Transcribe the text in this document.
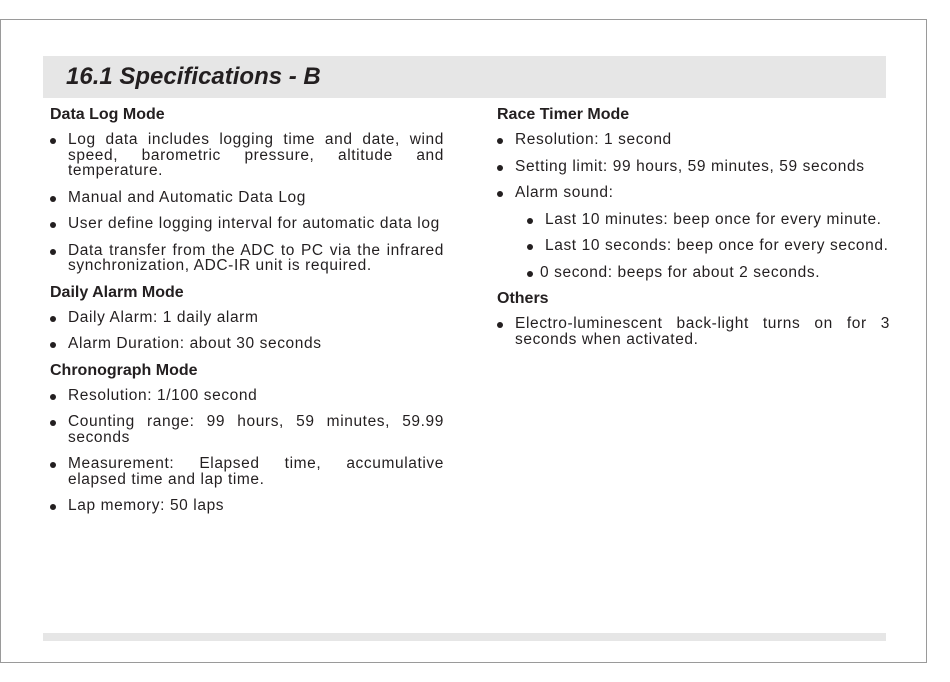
16.1 Specifications - B
Data Log Mode
Log data includes logging time and date, wind speed, barometric pressure, altitude and temperature.
Manual and Automatic Data Log
User define logging interval for automatic data log
Data transfer from the ADC to PC via the infrared synchronization, ADC-IR unit is required.
Daily Alarm Mode
Daily Alarm: 1 daily alarm
Alarm Duration: about 30 seconds
Chronograph Mode
Resolution: 1/100 second
Counting range: 99 hours, 59 minutes, 59.99 seconds
Measurement: Elapsed time, accumulative elapsed time and lap time.
Lap memory: 50 laps
Race Timer Mode
Resolution: 1 second
Setting limit: 99 hours, 59 minutes, 59 seconds
Alarm sound:
Last 10 minutes: beep once for every minute.
Last 10 seconds: beep once for every second.
0 second: beeps for about 2 seconds.
Others
Electro-luminescent back-light turns on for 3 seconds when activated.
